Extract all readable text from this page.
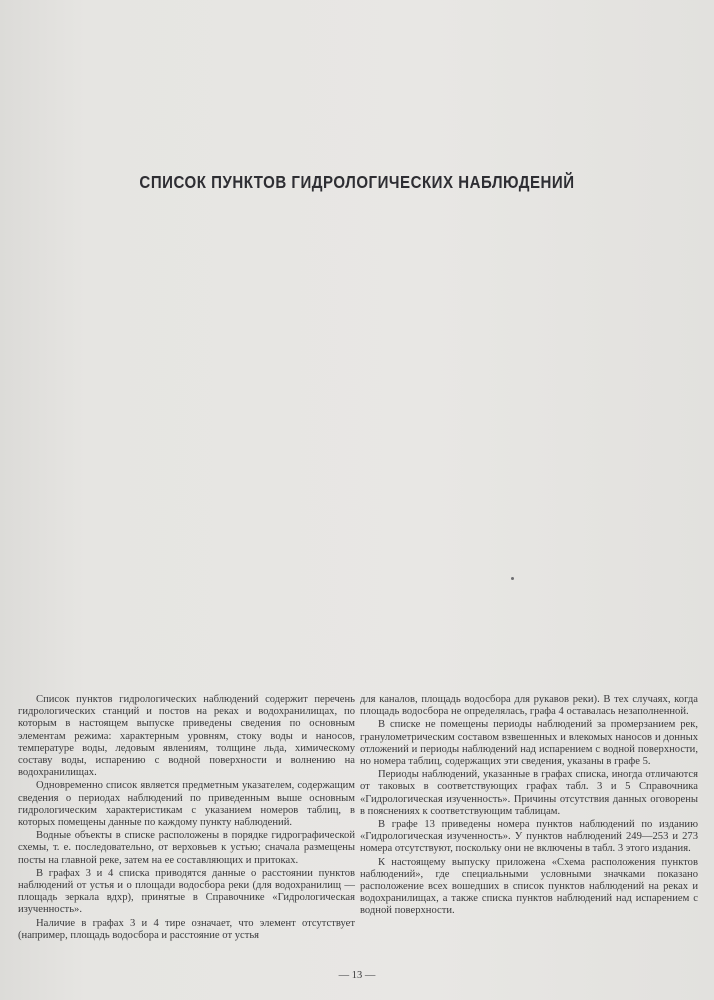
СПИСОК ПУНКТОВ ГИДРОЛОГИЧЕСКИХ НАБЛЮДЕНИЙ

Список пунктов гидрологических наблюдений содержит перечень гидрологических станций и постов на реках и водохранилищах, по которым в настоящем выпуске приведены сведения по основным элементам режима: характерным уровням, стоку воды и наносов, температуре воды, ледовым явлениям, толщине льда, химическому составу воды, испарению с водной поверхности и волнению на водохранилищах.

Одновременно список является предметным указателем, содержащим сведения о периодах наблюдений по приведенным выше основным гидрологическим характеристикам с указанием номеров таблиц, в которых помещены данные по каждому пункту наблюдений.

Водные объекты в списке расположены в порядке гидрографической схемы, т. е. последовательно, от верховьев к устью; сначала размещены посты на главной реке, затем на ее составляющих и притоках.

В графах 3 и 4 списка приводятся данные о расстоянии пунктов наблюдений от устья и о площади водосбора реки (для водохранилищ — площадь зеркала вдхр), принятые в Справочнике «Гидрологическая изученность».

Наличие в графах 3 и 4 тире означает, что элемент отсутствует (например, площадь водосбора и расстояние от устья

для каналов, площадь водосбора для рукавов реки). В тех случаях, когда площадь водосбора не определялась, графа 4 оставалась незаполненной.

В списке не помещены периоды наблюдений за промерзанием рек, гранулометрическим составом взвешенных и влекомых наносов и донных отложений и периоды наблюдений над испарением с водной поверхности, но номера таблиц, содержащих эти сведения, указаны в графе 5.

Периоды наблюдений, указанные в графах списка, иногда отличаются от таковых в соответствующих графах табл. 3 и 5 Справочника «Гидрологическая изученность». Причины отсутствия данных оговорены в пояснениях к соответствующим таблицам.

В графе 13 приведены номера пунктов наблюдений по изданию «Гидрологическая изученность». У пунктов наблюдений 249—253 и 273 номера отсутствуют, поскольку они не включены в табл. 3 этого издания.

К настоящему выпуску приложена «Схема расположения пунктов наблюдений», где специальными условными значками показано расположение всех вошедших в список пунктов наблюдений на реках и водохранилищах, а также списка пунктов наблюдений над испарением с водной поверхности.

— 13 —
